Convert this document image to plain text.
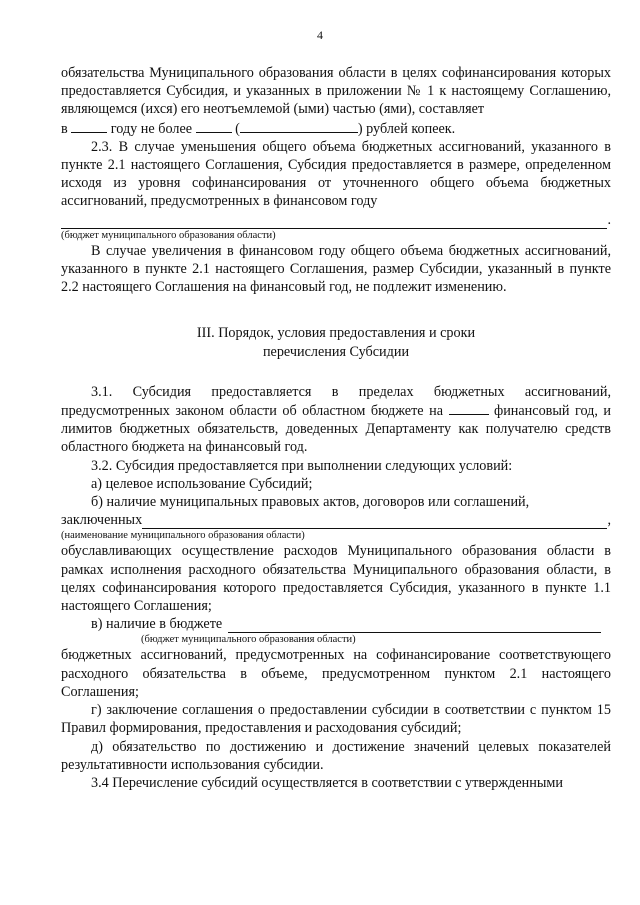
4

обязательства Муниципального образования области в целях софинансирования которых предоставляется Субсидия, и указанных в приложении № 1 к настоящему Соглашению, являющемся (ихся) его неотъемлемой (ыми) частью (ями), составляет

в	году не более	(	) рублей копеек.

2.3. В случае уменьшения общего объема бюджетных ассигнований, указанного в пункте 2.1 настоящего Соглашения, Субсидия предоставляется в размере, определенном исходя из уровня софинансирования от уточненного общего объема бюджетных ассигнований, предусмотренных в финансовом году

.

(бюджет муниципального образования области)

В случае увеличения в финансовом году общего объема бюджетных ассигнований, указанного в пункте 2.1 настоящего Соглашения, размер Субсидии, указанный в пункте 2.2 настоящего Соглашения на финансовый год, не подлежит изменению.

III. Порядок, условия предоставления и сроки

перечисления Субсидии

3.1. Субсидия предоставляется в пределах бюджетных ассигнований, предусмотренных законом области об областном бюджете на	финансовый год, и лимитов бюджетных обязательств, доведенных Департаменту как получателю средств областного бюджета на финансовый год.

3.2. Субсидия предоставляется при выполнении следующих условий:

а) целевое использование Субсидий;

б) наличие муниципальных правовых актов, договоров или соглашений,

заключенных	,

(наименование муниципального образования области)

обуславливающих осуществление расходов Муниципального образования области в рамках исполнения расходного обязательства Муниципального образования области, в целях софинансирования которого предоставляется Субсидия, указанного в пункте 1.1 настоящего Соглашения;

в) наличие в бюджете

(бюджет муниципального образования области)

бюджетных ассигнований, предусмотренных на софинансирование соответствующего расходного обязательства в объеме, предусмотренном пунктом 2.1 настоящего Соглашения;

г) заключение соглашения о предоставлении субсидии в соответствии с пунктом 15 Правил формирования, предоставления и расходования субсидий;

д) обязательство по достижению и достижение значений целевых показателей результативности использования субсидии.

3.4 Перечисление субсидий осуществляется в соответствии с утвержденными
